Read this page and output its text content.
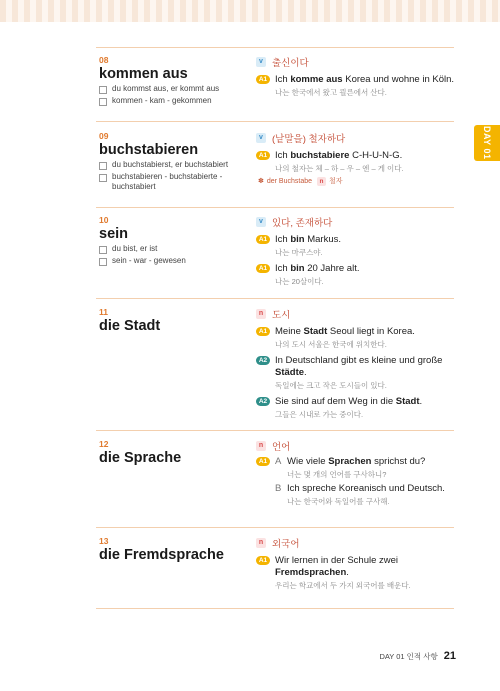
DAY 01
08
kommen aus
du kommst aus, er kommt aus
kommen - kam - gekommen
v 출신이다
A1 Ich komme aus Korea und wohne in Köln.
나는 한국에서 왔고 쾰른에서 산다.
09
buchstabieren
du buchstabierst, er buchstabiert
buchstabieren - buchstabierte - buchstabiert
v (낱말을) 철자하다
A1 Ich buchstabiere C-H-U-N-G.
나의 철자는 체 – 하 – 우 – 엔 – 게 이다.
✽ der Buchstabe
	n 철자
10
sein
du bist, er ist
sein - war - gewesen
v 있다, 존재하다
A1 Ich bin Markus.
나는 마쿠스야.
A1 Ich bin 20 Jahre alt.
나는 20살이다.
11
die Stadt
n 도시
A1 Meine Stadt Seoul liegt in Korea.
나의 도시 서울은 한국에 위치한다.
A2 In Deutschland gibt es kleine und große Städte.
독일에는 크고 작은 도시들이 있다.
A2 Sie sind auf dem Weg in die Stadt.
그들은 시내로 가는 중이다.
12
die Sprache
n 언어
A1 A Wie viele Sprachen sprichst du?
너는 몇 개의 언어를 구사하니?
B Ich spreche Koreanisch und Deutsch.
나는 한국어와 독일어를 구사해.
13
die Fremdsprache
n 외국어
A1 Wir lernen in der Schule zwei Fremdsprachen.
우리는 학교에서 두 가지 외국어를 배운다.
DAY 01 인적 사항 21
